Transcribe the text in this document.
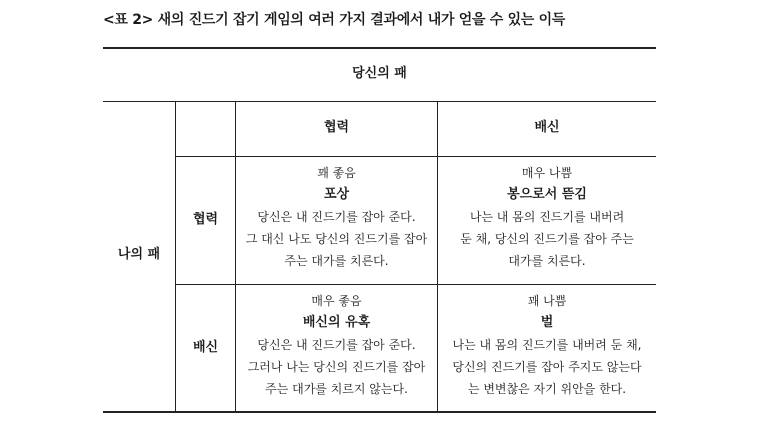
<표 2> 새의 진드기 잡기 게임의 여러 가지 결과에서 내가 얻을 수 있는 이득
당신의 패
협력	배신
나의 패
협력
배신
꽤 좋음
포상
당신은 내 진드기를 잡아 준다.
그 대신 나도 당신의 진드기를 잡아
주는 대가를 치른다.
매우 나쁨
봉으로서 뜯김
나는 내 몸의 진드기를 내버려
둔 채, 당신의 진드기를 잡아 주는
대가를 치른다.
매우 좋음
배신의 유혹
당신은 내 진드기를 잡아 준다.
그러나 나는 당신의 진드기를 잡아
주는 대가를 치르지 않는다.
꽤 나쁨
벌
나는 내 몸의 진드기를 내버려 둔 채,
당신의 진드기를 잡아 주지도 않는다
는 변변찮은 자기 위안을 한다.
